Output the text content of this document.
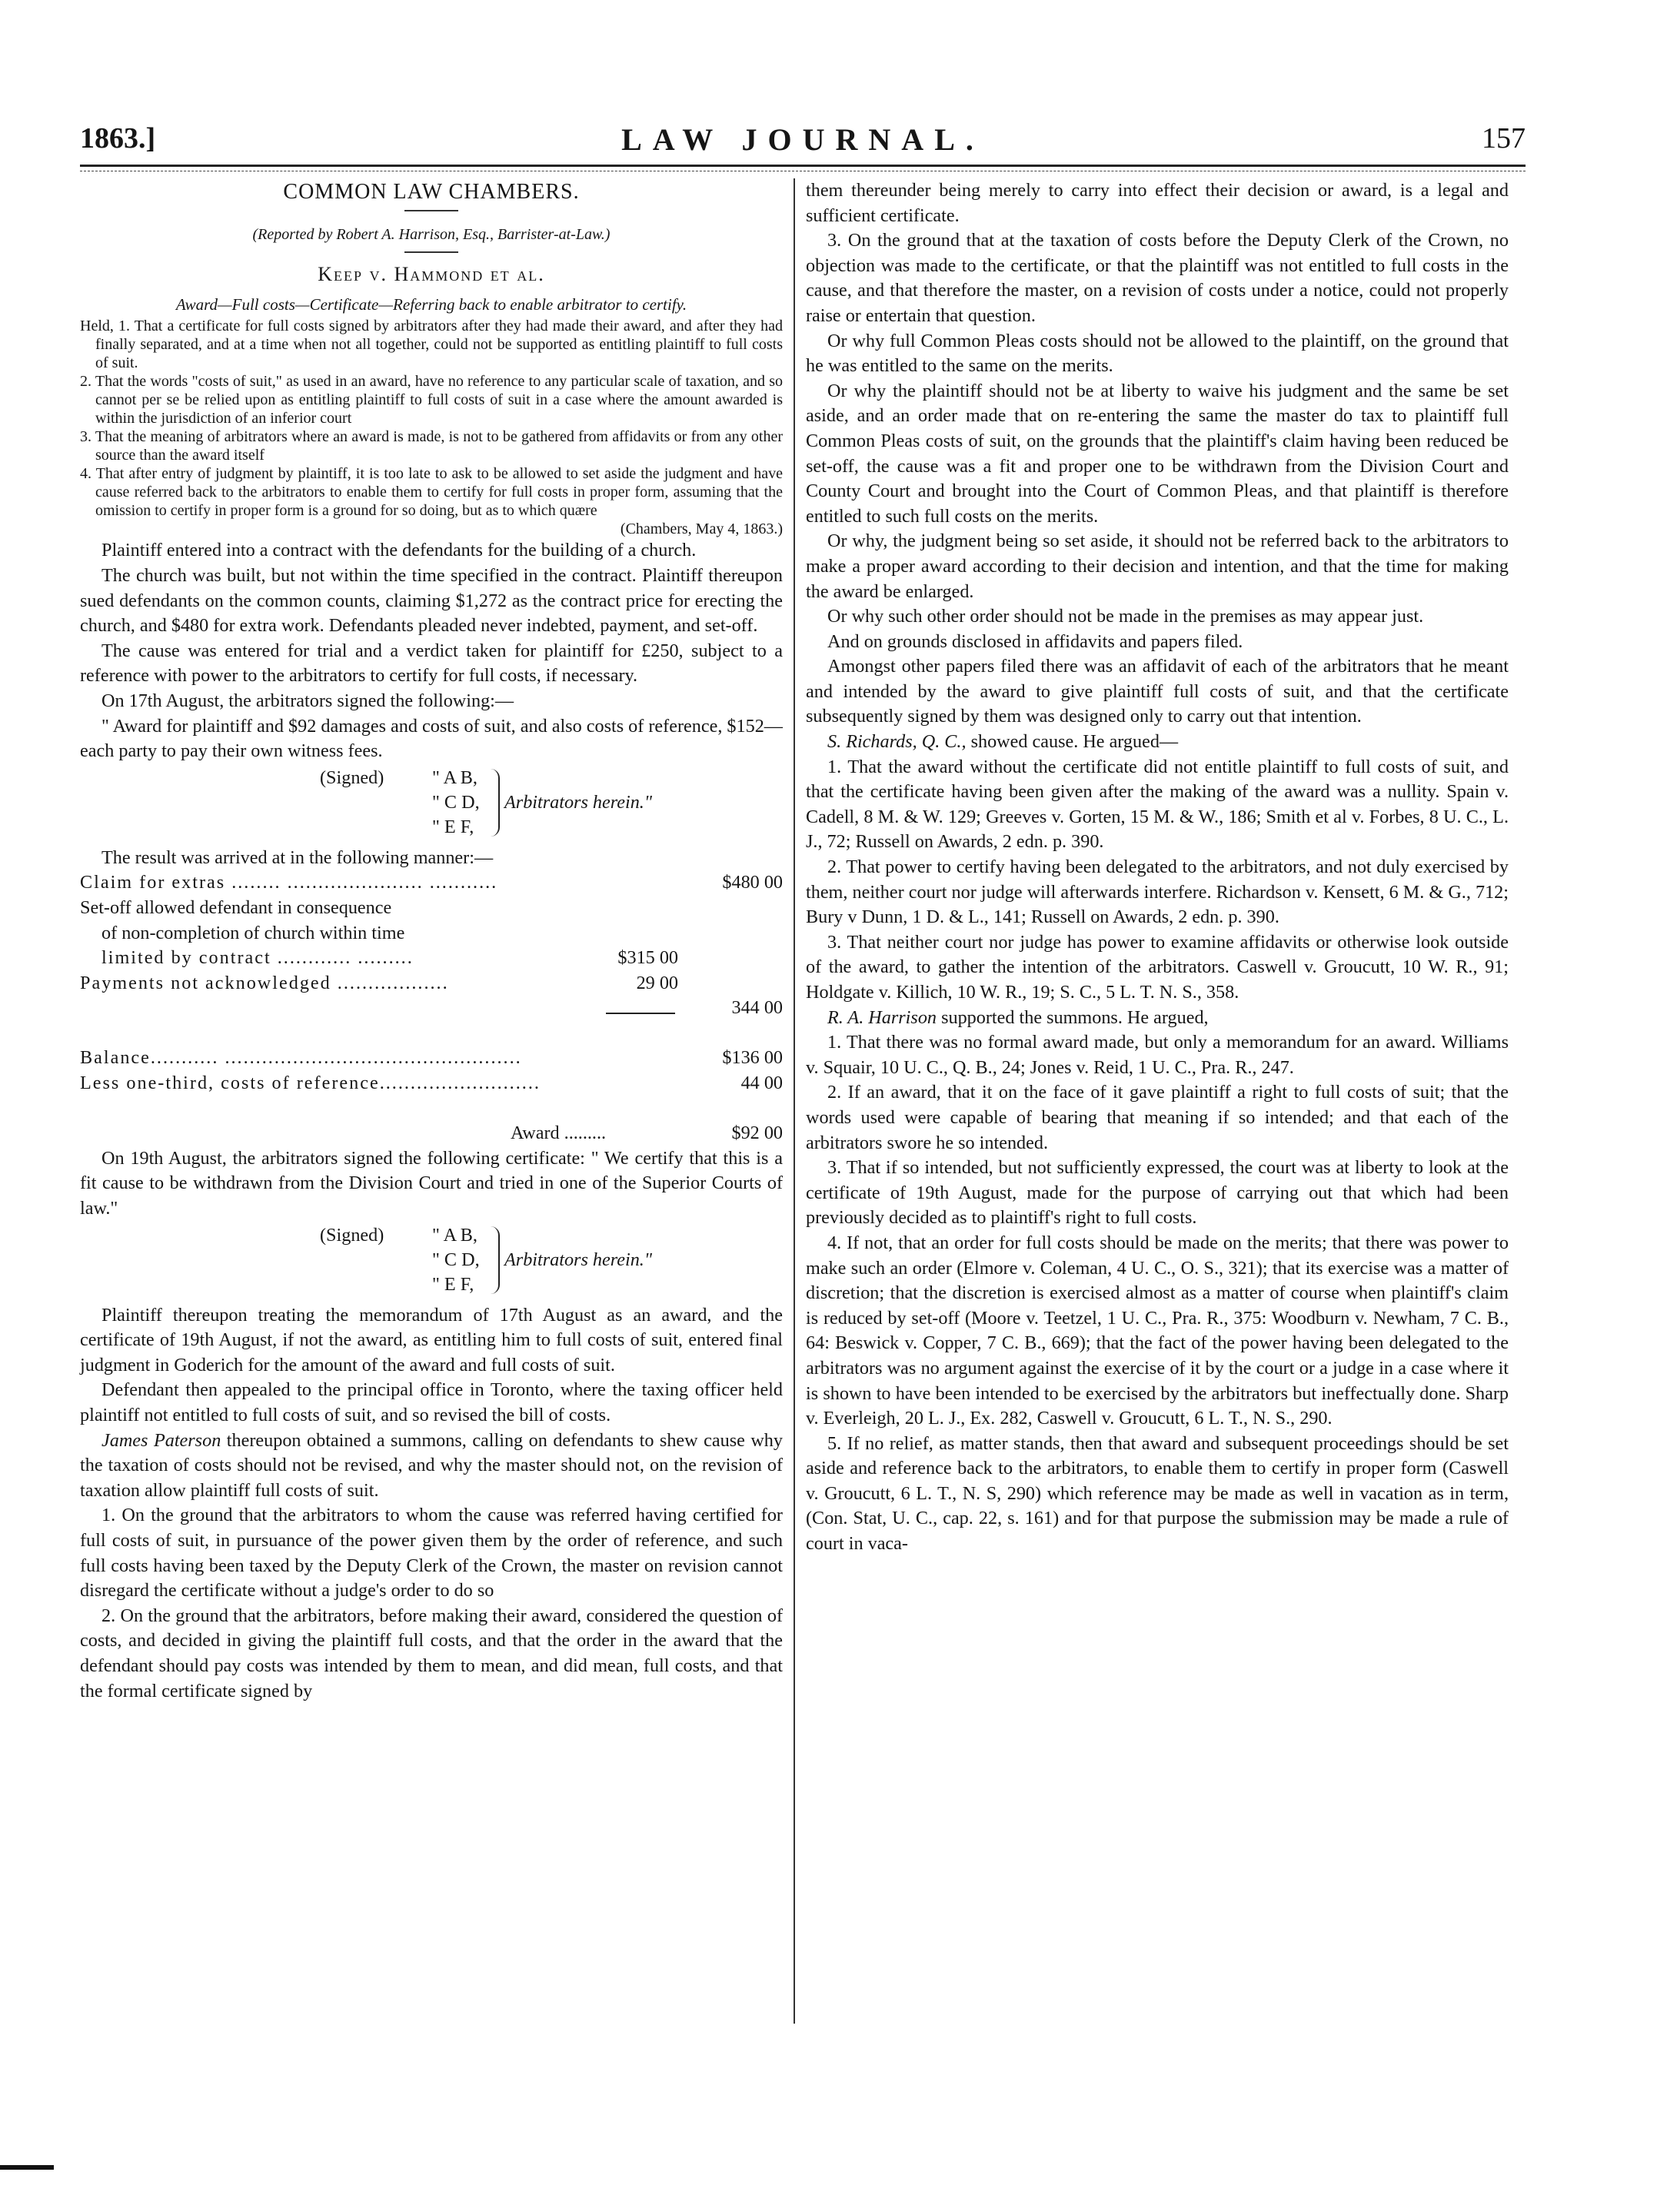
1863.]	LAW JOURNAL.	157

COMMON LAW CHAMBERS.

(Reported by Robert A. Harrison, Esq., Barrister-at-Law.)

Keep v. Hammond et al.

Award—Full costs—Certificate—Referring back to enable arbitrator to certify.

Held, 1. That a certificate for full costs signed by arbitrators after they had made their award, and after they had finally separated, and at a time when not all together, could not be supported as entitling plaintiff to full costs of suit.

2. That the words "costs of suit," as used in an award, have no reference to any particular scale of taxation, and so cannot per se be relied upon as entitling plaintiff to full costs of suit in a case where the amount awarded is within the jurisdiction of an inferior court

3. That the meaning of arbitrators where an award is made, is not to be gathered from affidavits or from any other source than the award itself

4. That after entry of judgment by plaintiff, it is too late to ask to be allowed to set aside the judgment and have cause referred back to the arbitrators to enable them to certify for full costs in proper form, assuming that the omission to certify in proper form is a ground for so doing, but as to which quære

(Chambers, May 4, 1863.)

Plaintiff entered into a contract with the defendants for the building of a church.

The church was built, but not within the time specified in the contract. Plaintiff thereupon sued defendants on the common counts, claiming $1,272 as the contract price for erecting the church, and $480 for extra work. Defendants pleaded never indebted, payment, and set-off.

The cause was entered for trial and a verdict taken for plaintiff for £250, subject to a reference with power to the arbitrators to certify for full costs, if necessary.

On 17th August, the arbitrators signed the following:—

" Award for plaintiff and $92 damages and costs of suit, and also costs of reference, $152—each party to pay their own witness fees.

(Signed)	" A B,
" C D,
" E F,
Arbitrators herein."

The result was arrived at in the following manner:—

Claim for extras ........ ...................... ...........	$480 00
Set-off allowed defendant in consequence
of non-completion of church within time
limited by contract ............ .........	$315 00
Payments not acknowledged ..................	29 00
344 00
Balance........... ................................................	$136 00
Less one-third, costs of reference..........................	44 00
Award .........	$92 00

On 19th August, the arbitrators signed the following certificate: " We certify that this is a fit cause to be withdrawn from the Division Court and tried in one of the Superior Courts of law."

(Signed)	" A B,
" C D,
" E F,
Arbitrators herein."

Plaintiff thereupon treating the memorandum of 17th August as an award, and the certificate of 19th August, if not the award, as entitling him to full costs of suit, entered final judgment in Goderich for the amount of the award and full costs of suit.

Defendant then appealed to the principal office in Toronto, where the taxing officer held plaintiff not entitled to full costs of suit, and so revised the bill of costs.

James Paterson thereupon obtained a summons, calling on defendants to shew cause why the taxation of costs should not be revised, and why the master should not, on the revision of taxation allow plaintiff full costs of suit.

1. On the ground that the arbitrators to whom the cause was referred having certified for full costs of suit, in pursuance of the power given them by the order of reference, and such full costs having been taxed by the Deputy Clerk of the Crown, the master on revision cannot disregard the certificate without a judge's order to do so

2. On the ground that the arbitrators, before making their award, considered the question of costs, and decided in giving the plaintiff full costs, and that the order in the award that the defendant should pay costs was intended by them to mean, and did mean, full costs, and that the formal certificate signed by

them thereunder being merely to carry into effect their decision or award, is a legal and sufficient certificate.

3. On the ground that at the taxation of costs before the Deputy Clerk of the Crown, no objection was made to the certificate, or that the plaintiff was not entitled to full costs in the cause, and that therefore the master, on a revision of costs under a notice, could not properly raise or entertain that question.

Or why full Common Pleas costs should not be allowed to the plaintiff, on the ground that he was entitled to the same on the merits.

Or why the plaintiff should not be at liberty to waive his judgment and the same be set aside, and an order made that on re-entering the same the master do tax to plaintiff full Common Pleas costs of suit, on the grounds that the plaintiff's claim having been reduced be set-off, the cause was a fit and proper one to be withdrawn from the Division Court and County Court and brought into the Court of Common Pleas, and that plaintiff is therefore entitled to such full costs on the merits.

Or why, the judgment being so set aside, it should not be referred back to the arbitrators to make a proper award according to their decision and intention, and that the time for making the award be enlarged.

Or why such other order should not be made in the premises as may appear just.

And on grounds disclosed in affidavits and papers filed.

Amongst other papers filed there was an affidavit of each of the arbitrators that he meant and intended by the award to give plaintiff full costs of suit, and that the certificate subsequently signed by them was designed only to carry out that intention.

S. Richards, Q. C., showed cause. He argued—

1. That the award without the certificate did not entitle plaintiff to full costs of suit, and that the certificate having been given after the making of the award was a nullity. Spain v. Cadell, 8 M. & W. 129; Greeves v. Gorten, 15 M. & W., 186; Smith et al v. Forbes, 8 U. C., L. J., 72; Russell on Awards, 2 edn. p. 390.

2. That power to certify having been delegated to the arbitrators, and not duly exercised by them, neither court nor judge will afterwards interfere. Richardson v. Kensett, 6 M. & G., 712; Bury v Dunn, 1 D. & L., 141; Russell on Awards, 2 edn. p. 390.

3. That neither court nor judge has power to examine affidavits or otherwise look outside of the award, to gather the intention of the arbitrators. Caswell v. Groucutt, 10 W. R., 91; Holdgate v. Killich, 10 W. R., 19; S. C., 5 L. T. N. S., 358.

R. A. Harrison supported the summons. He argued,

1. That there was no formal award made, but only a memorandum for an award. Williams v. Squair, 10 U. C., Q. B., 24; Jones v. Reid, 1 U. C., Pra. R., 247.

2. If an award, that it on the face of it gave plaintiff a right to full costs of suit; that the words used were capable of bearing that meaning if so intended; and that each of the arbitrators swore he so intended.

3. That if so intended, but not sufficiently expressed, the court was at liberty to look at the certificate of 19th August, made for the purpose of carrying out that which had been previously decided as to plaintiff's right to full costs.

4. If not, that an order for full costs should be made on the merits; that there was power to make such an order (Elmore v. Coleman, 4 U. C., O. S., 321); that its exercise was a matter of discretion; that the discretion is exercised almost as a matter of course when plaintiff's claim is reduced by set-off (Moore v. Teetzel, 1 U. C., Pra. R., 375: Woodburn v. Newham, 7 C. B., 64: Beswick v. Copper, 7 C. B., 669); that the fact of the power having been delegated to the arbitrators was no argument against the exercise of it by the court or a judge in a case where it is shown to have been intended to be exercised by the arbitrators but ineffectually done. Sharp v. Everleigh, 20 L. J., Ex. 282, Caswell v. Groucutt, 6 L. T., N. S., 290.

5. If no relief, as matter stands, then that award and subsequent proceedings should be set aside and reference back to the arbitrators, to enable them to certify in proper form (Caswell v. Groucutt, 6 L. T., N. S, 290) which reference may be made as well in vacation as in term, (Con. Stat, U. C., cap. 22, s. 161) and for that purpose the submission may be made a rule of court in vaca-
